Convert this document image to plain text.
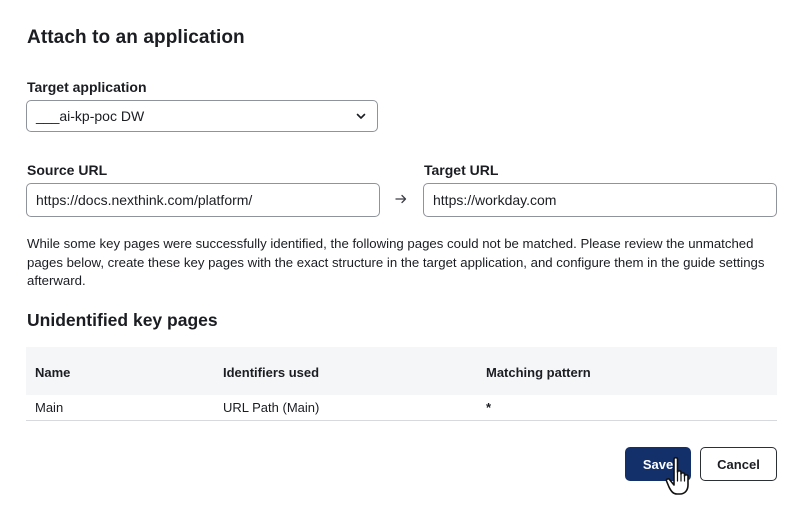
Attach to an application
Target application
___ai-kp-poc DW
Source URL
https://docs.nexthink.com/platform/	Target URL
https://workday.com
While some key pages were successfully identified, the following pages could not be matched. Please review the unmatched pages below, create these key pages with the exact structure in the target application, and configure them in the guide settings afterward.
Unidentified key pages
Name	Identifiers used	Matching pattern
Main	URL Path (Main)	*
Save	Cancel
